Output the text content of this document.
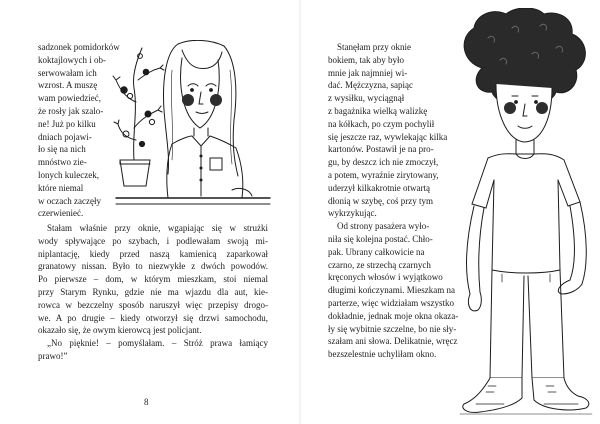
sadzonek pomidorków
koktajlowych i ob-
serwowałam ich
wzrost. A muszę
wam powiedzieć,
że rosły jak szalo-
ne! Już po kilku
dniach pojawi-
ło się na nich
mnóstwo zie-
lonych kuleczek,
które niemal
w oczach zaczęły
czerwienieć.
Stałam właśnie przy oknie, wgapiając się w strużki
wody spływające po szybach, i podlewałam swoją mi-
niplantację, kiedy przed naszą kamienicą zaparkował
granatowy nissan. Było to niezwykłe z dwóch powodów.
Po pierwsze – dom, w którym mieszkam, stoi niemal
przy Starym Rynku, gdzie nie ma wjazdu dla aut, kie-
rowca w bezczelny sposób naruszył więc przepisy drogo-
we. A po drugie – kiedy otworzył się drzwi samochodu,
okazało się, że owym kierowcą jest policjant.
„No pięknie! – pomyślałam. – Stróż prawa łamiący
prawo!”
8
Stanęłam przy oknie
bokiem, tak aby było
mnie jak najmniej wi-
dać. Mężczyzna, sapiąc
z wysiłku, wyciągnął
z bagażnika wielką walizkę
na kółkach, po czym pochylił
się jeszcze raz, wywlekając kilka
kartonów. Postawił je na pro-
gu, by deszcz ich nie zmoczył,
a potem, wyraźnie zirytowany,
uderzył kilkakrotnie otwartą
dłonią w szybę, coś przy tym
wykrzykując.
Od strony pasażera wyło-
niła się kolejna postać. Chło-
pak. Ubrany całkowicie na
czarno, ze strzechą czarnych
kręconych włosów i wyjątkowo
długimi kończynami. Mieszkam na
parterze, więc widziałam wszystko
dokładnie, jednak moje okna okaza-
ły się wybitnie szczelne, bo nie sły-
szałam ani słowa. Delikatnie, wręcz
bezszelestnie uchyliłam okno.
